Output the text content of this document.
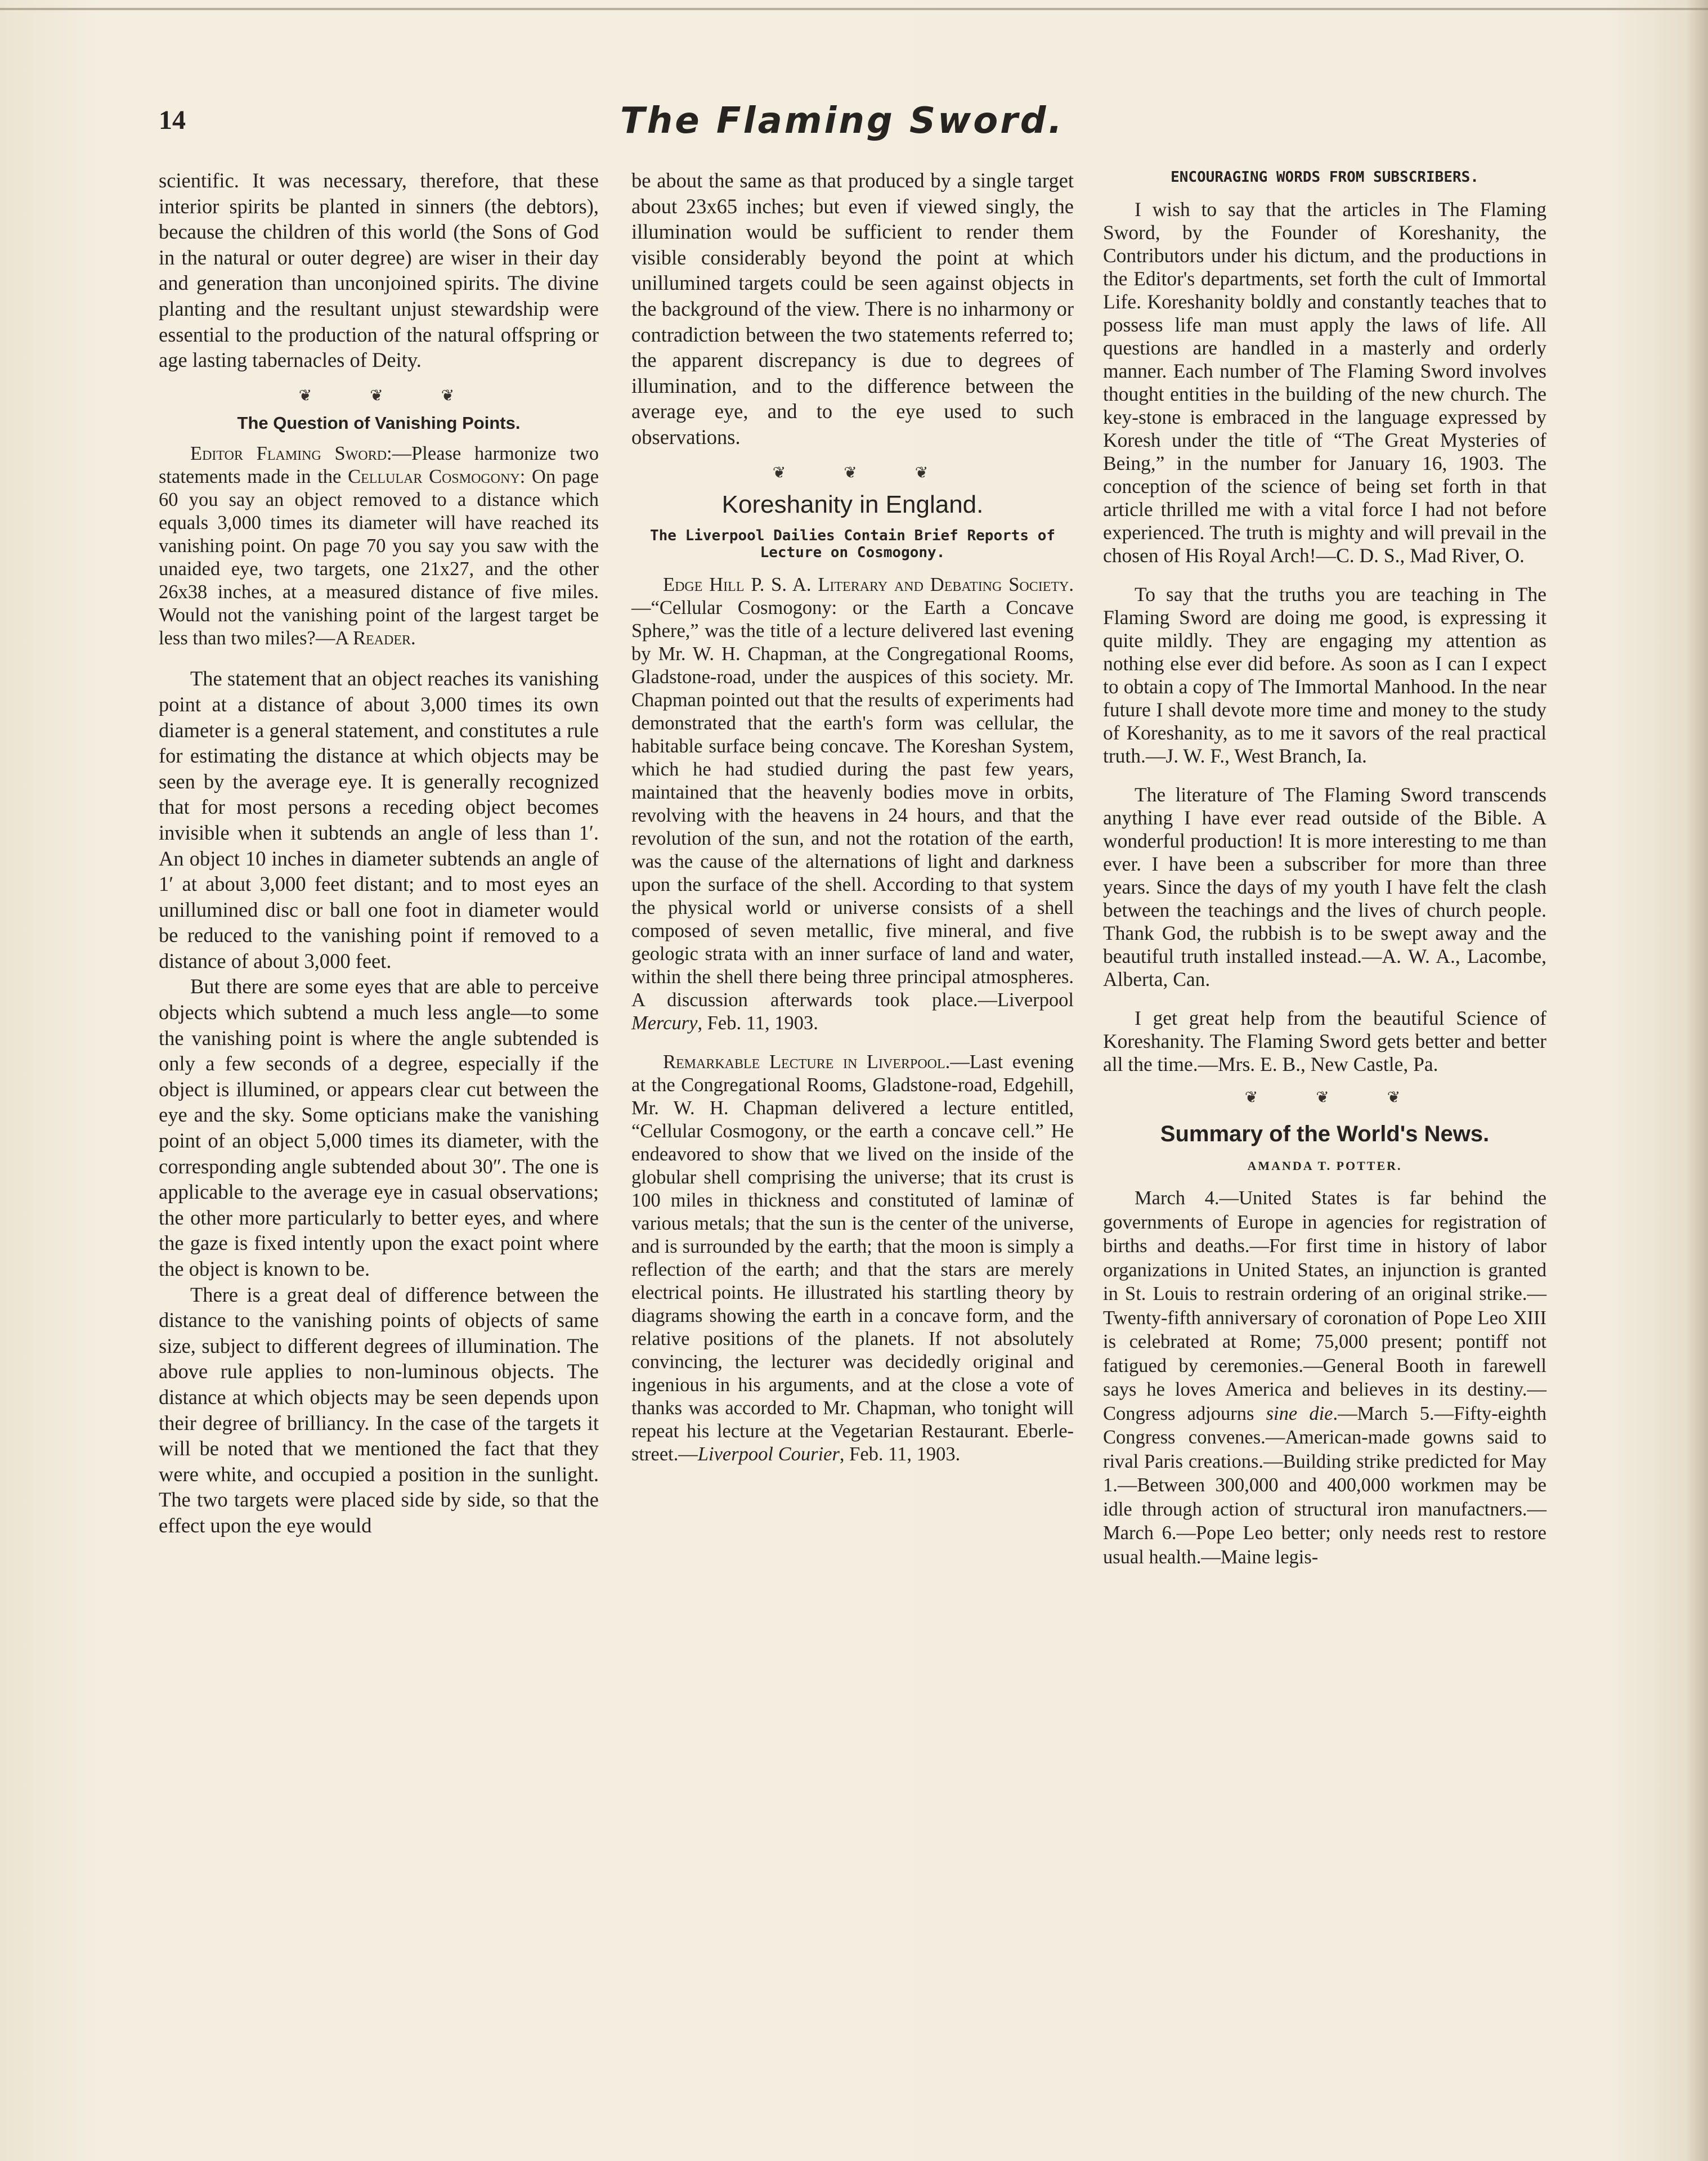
14	The Flaming Sword.

scientific. It was necessary, therefore, that these interior spirits be planted in sinners (the debtors), because the children of this world (the Sons of God in the natural or outer degree) are wiser in their day and generation than unconjoined spirits. The divine planting and the resultant unjust stewardship were essential to the production of the natural offspring or age lasting tabernacles of Deity.

❦ ❦ ❦
The Question of Vanishing Points.

Editor Flaming Sword:—Please harmonize two statements made in the Cellular Cosmogony: On page 60 you say an object removed to a distance which equals 3,000 times its diameter will have reached its vanishing point. On page 70 you say you saw with the unaided eye, two targets, one 21x27, and the other 26x38 inches, at a measured distance of five miles. Would not the vanishing point of the largest target be less than two miles?—A Reader.

The statement that an object reaches its vanishing point at a distance of about 3,000 times its own diameter is a general statement, and constitutes a rule for estimating the distance at which objects may be seen by the average eye. It is generally recognized that for most persons a receding object becomes invisible when it subtends an angle of less than 1′. An object 10 inches in diameter subtends an angle of 1′ at about 3,000 feet distant; and to most eyes an unillumined disc or ball one foot in diameter would be reduced to the vanishing point if removed to a distance of about 3,000 feet.

But there are some eyes that are able to perceive objects which subtend a much less angle—to some the vanishing point is where the angle subtended is only a few seconds of a degree, especially if the object is illumined, or appears clear cut between the eye and the sky. Some opticians make the vanishing point of an object 5,000 times its diameter, with the corresponding angle subtended about 30″. The one is applicable to the average eye in casual observations; the other more particularly to better eyes, and where the gaze is fixed intently upon the exact point where the object is known to be.

There is a great deal of difference between the distance to the vanishing points of objects of same size, subject to different degrees of illumination. The above rule applies to non-luminous objects. The distance at which objects may be seen depends upon their degree of brilliancy. In the case of the targets it will be noted that we mentioned the fact that they were white, and occupied a position in the sunlight. The two targets were placed side by side, so that the effect upon the eye would

be about the same as that produced by a single target about 23x65 inches; but even if viewed singly, the illumination would be sufficient to render them visible considerably beyond the point at which unillumined targets could be seen against objects in the background of the view. There is no inharmony or contradiction between the two statements referred to; the apparent discrepancy is due to degrees of illumination, and to the difference between the average eye, and to the eye used to such observations.

❦ ❦ ❦
Koreshanity in England.
The Liverpool Dailies Contain Brief Reports of Lecture on Cosmogony.

Edge Hill P. S. A. Literary and Debating Society.—“Cellular Cosmogony: or the Earth a Concave Sphere,” was the title of a lecture delivered last evening by Mr. W. H. Chapman, at the Congregational Rooms, Gladstone-road, under the auspices of this society. Mr. Chapman pointed out that the results of experiments had demonstrated that the earth's form was cellular, the habitable surface being concave. The Koreshan System, which he had studied during the past few years, maintained that the heavenly bodies move in orbits, revolving with the heavens in 24 hours, and that the revolution of the sun, and not the rotation of the earth, was the cause of the alternations of light and darkness upon the surface of the shell. According to that system the physical world or universe consists of a shell composed of seven metallic, five mineral, and five geologic strata with an inner surface of land and water, within the shell there being three principal atmospheres. A discussion afterwards took place.—Liverpool Mercury, Feb. 11, 1903.

Remarkable Lecture in Liverpool.—Last evening at the Congregational Rooms, Gladstone-road, Edgehill, Mr. W. H. Chapman delivered a lecture entitled, “Cellular Cosmogony, or the earth a concave cell.” He endeavored to show that we lived on the inside of the globular shell comprising the universe; that its crust is 100 miles in thickness and constituted of laminæ of various metals; that the sun is the center of the universe, and is surrounded by the earth; that the moon is simply a reflection of the earth; and that the stars are merely electrical points. He illustrated his startling theory by diagrams showing the earth in a concave form, and the relative positions of the planets. If not absolutely convincing, the lecturer was decidedly original and ingenious in his arguments, and at the close a vote of thanks was accorded to Mr. Chapman, who tonight will repeat his lecture at the Vegetarian Restaurant. Eberle-street.—Liverpool Courier, Feb. 11, 1903.

ENCOURAGING WORDS FROM SUBSCRIBERS.

I wish to say that the articles in The Flaming Sword, by the Founder of Koreshanity, the Contributors under his dictum, and the productions in the Editor's departments, set forth the cult of Immortal Life. Koreshanity boldly and constantly teaches that to possess life man must apply the laws of life. All questions are handled in a masterly and orderly manner. Each number of The Flaming Sword involves thought entities in the building of the new church. The key-stone is embraced in the language expressed by Koresh under the title of “The Great Mysteries of Being,” in the number for January 16, 1903. The conception of the science of being set forth in that article thrilled me with a vital force I had not before experienced. The truth is mighty and will prevail in the chosen of His Royal Arch!—C. D. S., Mad River, O.

To say that the truths you are teaching in The Flaming Sword are doing me good, is expressing it quite mildly. They are engaging my attention as nothing else ever did before. As soon as I can I expect to obtain a copy of The Immortal Manhood. In the near future I shall devote more time and money to the study of Koreshanity, as to me it savors of the real practical truth.—J. W. F., West Branch, Ia.

The literature of The Flaming Sword transcends anything I have ever read outside of the Bible. A wonderful production! It is more interesting to me than ever. I have been a subscriber for more than three years. Since the days of my youth I have felt the clash between the teachings and the lives of church people. Thank God, the rubbish is to be swept away and the beautiful truth installed instead.—A. W. A., Lacombe, Alberta, Can.

I get great help from the beautiful Science of Koreshanity. The Flaming Sword gets better and better all the time.—Mrs. E. B., New Castle, Pa.

❦ ❦ ❦
Summary of the World's News.
AMANDA T. POTTER.

March 4.—United States is far behind the governments of Europe in agencies for registration of births and deaths.—For first time in history of labor organizations in United States, an injunction is granted in St. Louis to restrain ordering of an original strike.—Twenty-fifth anniversary of coronation of Pope Leo XIII is celebrated at Rome; 75,000 present; pontiff not fatigued by ceremonies.—General Booth in farewell says he loves America and believes in its destiny.—Congress adjourns sine die.—March 5.—Fifty-eighth Congress convenes.—American-made gowns said to rival Paris creations.—Building strike predicted for May 1.—Between 300,000 and 400,000 workmen may be idle through action of structural iron manufactners.—March 6.—Pope Leo better; only needs rest to restore usual health.—Maine legis-
